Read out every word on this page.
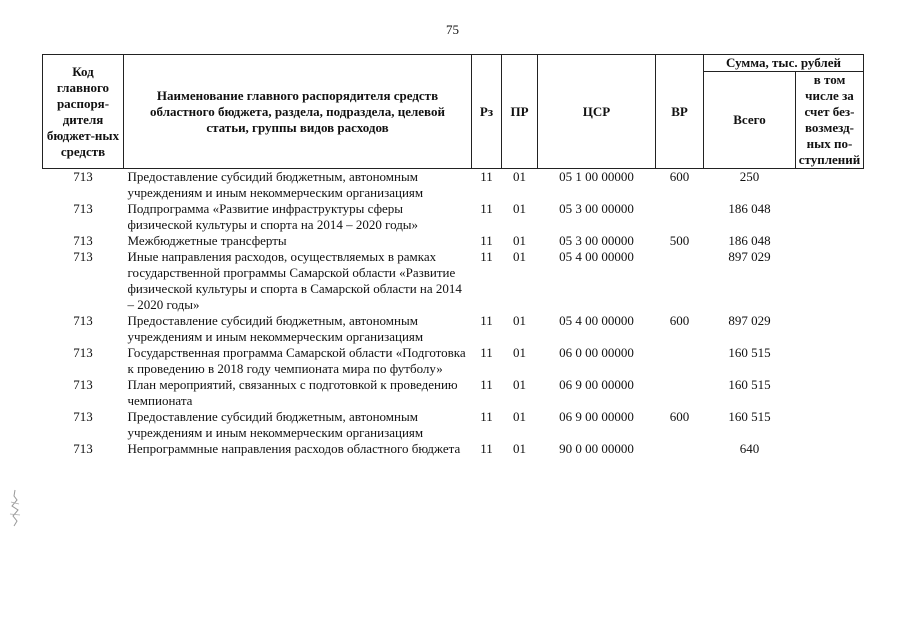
75
Код главного распоря-дителя бюджет-ных средств	Наименование главного распорядителя средств областного бюджета, раздела, подраздела, целевой статьи, группы видов расходов	Рз	ПР	ЦСР	ВР	Сумма, тыс. рублей	
						Всего	в том числе за счет без-возмезд-ных по-ступлений
713	Предоставление субсидий бюджетным, автономным учреждениям и иным некоммерческим организациям	11	01	05 1 00 00000	600	250	
713	Подпрограмма «Развитие инфраструктуры сферы физической культуры и спорта на 2014 – 2020 годы»	11	01	05 3 00 00000		186 048	
713	Межбюджетные трансферты	11	01	05 3 00 00000	500	186 048	
713	Иные направления расходов, осуществляемых в рамках государственной программы Самарской области «Развитие физической культуры и спорта в Самарской области на 2014 – 2020 годы»	11	01	05 4 00 00000		897 029	
713	Предоставление субсидий бюджетным, автономным учреждениям и иным некоммерческим организациям	11	01	05 4 00 00000	600	897 029	
713	Государственная программа Самарской области «Подготовка к проведению в 2018 году чемпионата мира по футболу»	11	01	06 0 00 00000		160 515	
713	План мероприятий, связанных с подготовкой к проведению чемпионата	11	01	06 9 00 00000		160 515	
713	Предоставление субсидий бюджетным, автономным учреждениям и иным некоммерческим организациям	11	01	06 9 00 00000	600	160 515	
713	Непрограммные направления расходов областного бюджета	11	01	90 0 00 00000		640	
